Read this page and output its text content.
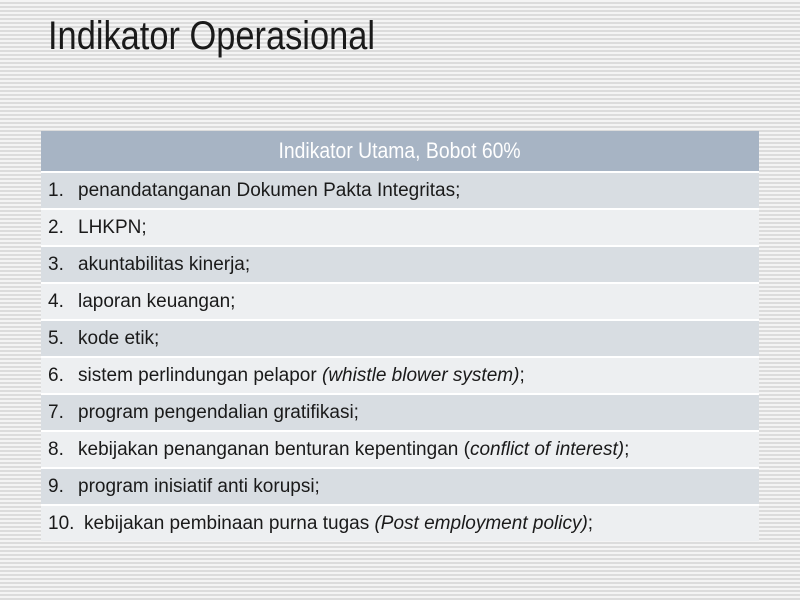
Indikator Operasional
Indikator Utama, Bobot 60%

1. penandatanganan Dokumen Pakta Integritas;

2. LHKPN;

3. akuntabilitas kinerja;

4. laporan keuangan;

5. kode etik;

6. sistem perlindungan pelapor (whistle blower system);

7. program pengendalian gratifikasi;

8. kebijakan penanganan benturan kepentingan (conflict of interest);

9. program inisiatif anti korupsi;

10. kebijakan pembinaan purna tugas (Post employment policy);
